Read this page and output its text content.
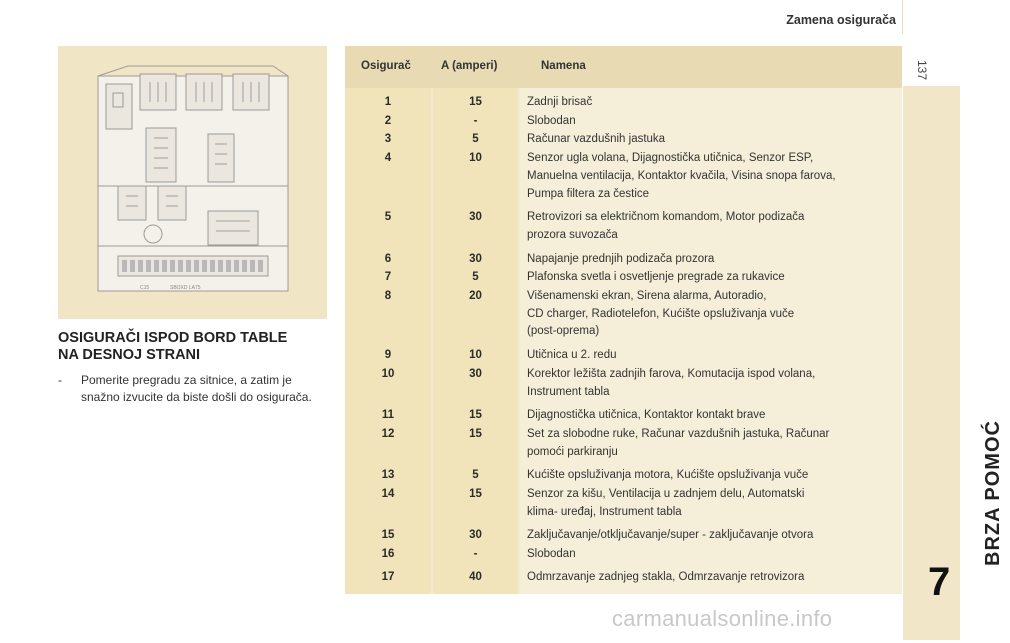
Zamena osigurača
137
BRZA POMOĆ
7
C15	SBOXD LA75
OSIGURAČI ISPOD BORD TABLE
NA DESNOJ STRANI
- Pomerite pregradu za sitnice, a zatim je snažno izvucite da biste došli do osigurača.
Osigurač	A (amperi)	Namena
1	15	Zadnji brisač
2	-	Slobodan
3	5	Računar vazdušnih jastuka
4	10	Senzor ugla volana, Dijagnostička utičnica, Senzor ESP,
Manuelna ventilacija, Kontaktor kvačila, Visina snopa farova,
Pumpa filtera za čestice
5	30	Retrovizori sa električnom komandom, Motor podizača
prozora suvozača
6	30	Napajanje prednjih podizača prozora
7	5	Plafonska svetla i osvetljenje pregrade za rukavice
8	20	Višenamenski ekran, Sirena alarma, Autoradio,
CD charger, Radiotelefon, Kućište opsluživanja vuče
(post-oprema)
9	10	Utičnica u 2. redu
10	30	Korektor ležišta zadnjih farova, Komutacija ispod volana,
Instrument tabla
11	15	Dijagnostička utičnica, Kontaktor kontakt brave
12	15	Set za slobodne ruke, Računar vazdušnih jastuka, Računar
pomoći parkiranju
13	5	Kućište opsluživanja motora, Kućište opsluživanja vuče
14	15	Senzor za kišu, Ventilacija u zadnjem delu, Automatski
klima- uređaj, Instrument tabla
15	30	Zaključavanje/otključavanje/super - zaključavanje otvora
16	-	Slobodan
17	40	Odmrzavanje zadnjeg stakla, Odmrzavanje retrovizora
carmanualsonline.info
